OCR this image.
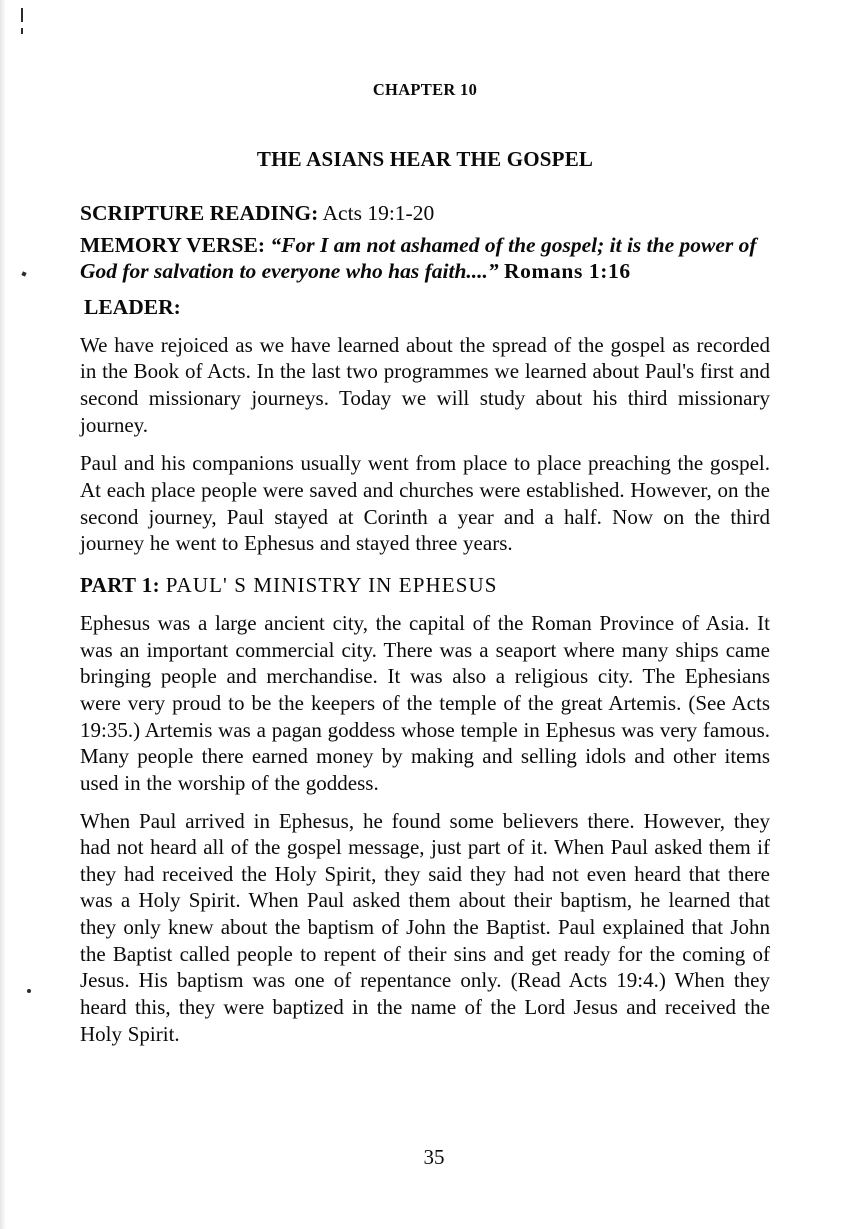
CHAPTER 10
THE ASIANS HEAR THE GOSPEL
SCRIPTURE READING: Acts 19:1-20
MEMORY VERSE: “For I am not ashamed of the gospel; it is the power of God for salvation to everyone who has faith....” Romans 1:16
LEADER:

We have rejoiced as we have learned about the spread of the gospel as recorded in the Book of Acts. In the last two programmes we learned about Paul's first and second missionary journeys. Today we will study about his third missionary journey.

Paul and his companions usually went from place to place preaching the gospel. At each place people were saved and churches were established. However, on the second journey, Paul stayed at Corinth a year and a half. Now on the third journey he went to Ephesus and stayed three years.

PART 1: PAUL' S MINISTRY IN EPHESUS

Ephesus was a large ancient city, the capital of the Roman Province of Asia. It was an important commercial city. There was a seaport where many ships came bringing people and merchandise. It was also a religious city. The Ephesians were very proud to be the keepers of the temple of the great Artemis. (See Acts 19:35.) Artemis was a pagan goddess whose temple in Ephesus was very famous. Many people there earned money by making and selling idols and other items used in the worship of the goddess.

When Paul arrived in Ephesus, he found some believers there. However, they had not heard all of the gospel message, just part of it. When Paul asked them if they had received the Holy Spirit, they said they had not even heard that there was a Holy Spirit. When Paul asked them about their baptism, he learned that they only knew about the baptism of John the Baptist. Paul explained that John the Baptist called people to repent of their sins and get ready for the coming of Jesus. His baptism was one of repentance only. (Read Acts 19:4.) When they heard this, they were baptized in the name of the Lord Jesus and received the Holy Spirit.

35
